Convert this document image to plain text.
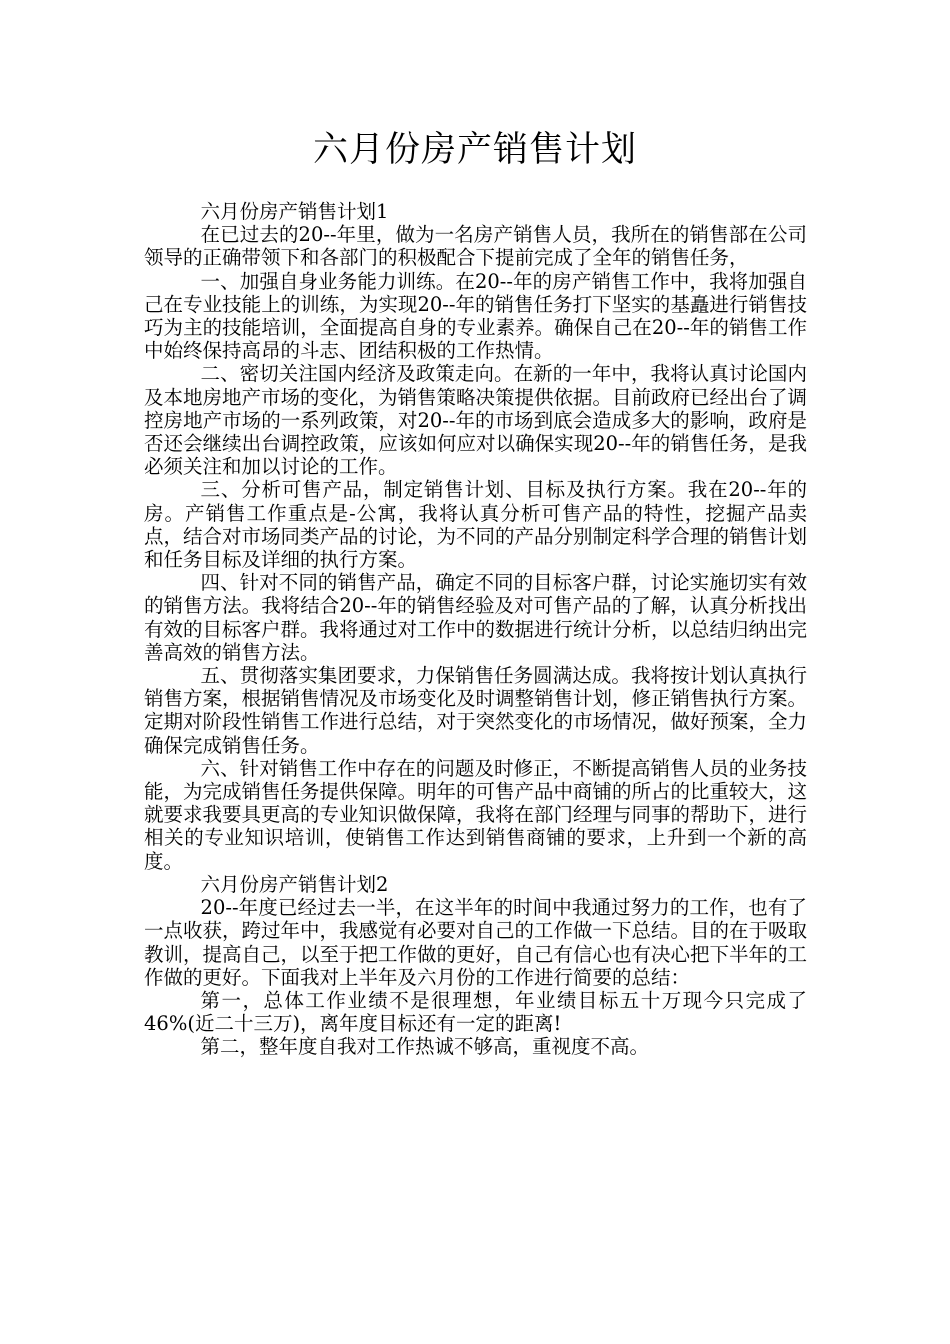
六月份房产销售计划

六月份房产销售计划1

在已过去的20--年里，做为一名房产销售人员，我所在的销售部在公司领导的正确带领下和各部门的积极配合下提前完成了全年的销售任务，

一、加强自身业务能力训练。在20--年的房产销售工作中，我将加强自己在专业技能上的训练，为实现20--年的销售任务打下坚实的基矗进行销售技巧为主的技能培训，全面提高自身的专业素养。确保自己在20--年的销售工作中始终保持高昂的斗志、团结积极的工作热情。

二、密切关注国内经济及政策走向。在新的一年中，我将认真讨论国内及本地房地产市场的变化，为销售策略决策提供依据。目前政府已经出台了调控房地产市场的一系列政策，对20--年的市场到底会造成多大的影响，政府是否还会继续出台调控政策，应该如何应对以确保实现20--年的销售任务，是我必须关注和加以讨论的工作。

三、分析可售产品，制定销售计划、目标及执行方案。我在20--年的房。产销售工作重点是-公寓，我将认真分析可售产品的特性，挖掘产品卖点，结合对市场同类产品的讨论，为不同的产品分别制定科学合理的销售计划和任务目标及详细的执行方案。

四、针对不同的销售产品，确定不同的目标客户群，讨论实施切实有效的销售方法。我将结合20--年的销售经验及对可售产品的了解，认真分析找出有效的目标客户群。我将通过对工作中的数据进行统计分析，以总结归纳出完善高效的销售方法。

五、贯彻落实集团要求，力保销售任务圆满达成。我将按计划认真执行销售方案，根据销售情况及市场变化及时调整销售计划，修正销售执行方案。定期对阶段性销售工作进行总结，对于突然变化的市场情况，做好预案，全力确保完成销售任务。

六、针对销售工作中存在的问题及时修正，不断提高销售人员的业务技能，为完成销售任务提供保障。明年的可售产品中商铺的所占的比重较大，这就要求我要具更高的专业知识做保障，我将在部门经理与同事的帮助下，进行相关的专业知识培训，使销售工作达到销售商铺的要求，上升到一个新的高度。

六月份房产销售计划2

20--年度已经过去一半，在这半年的时间中我通过努力的工作，也有了一点收获，跨过年中，我感觉有必要对自己的工作做一下总结。目的在于吸取教训，提高自己，以至于把工作做的更好，自己有信心也有决心把下半年的工作做的更好。下面我对上半年及六月份的工作进行简要的总结：

第一，总体工作业绩不是很理想，年业绩目标五十万现今只完成了46%(近二十三万)，离年度目标还有一定的距离!

第二，整年度自我对工作热诚不够高，重视度不高。
